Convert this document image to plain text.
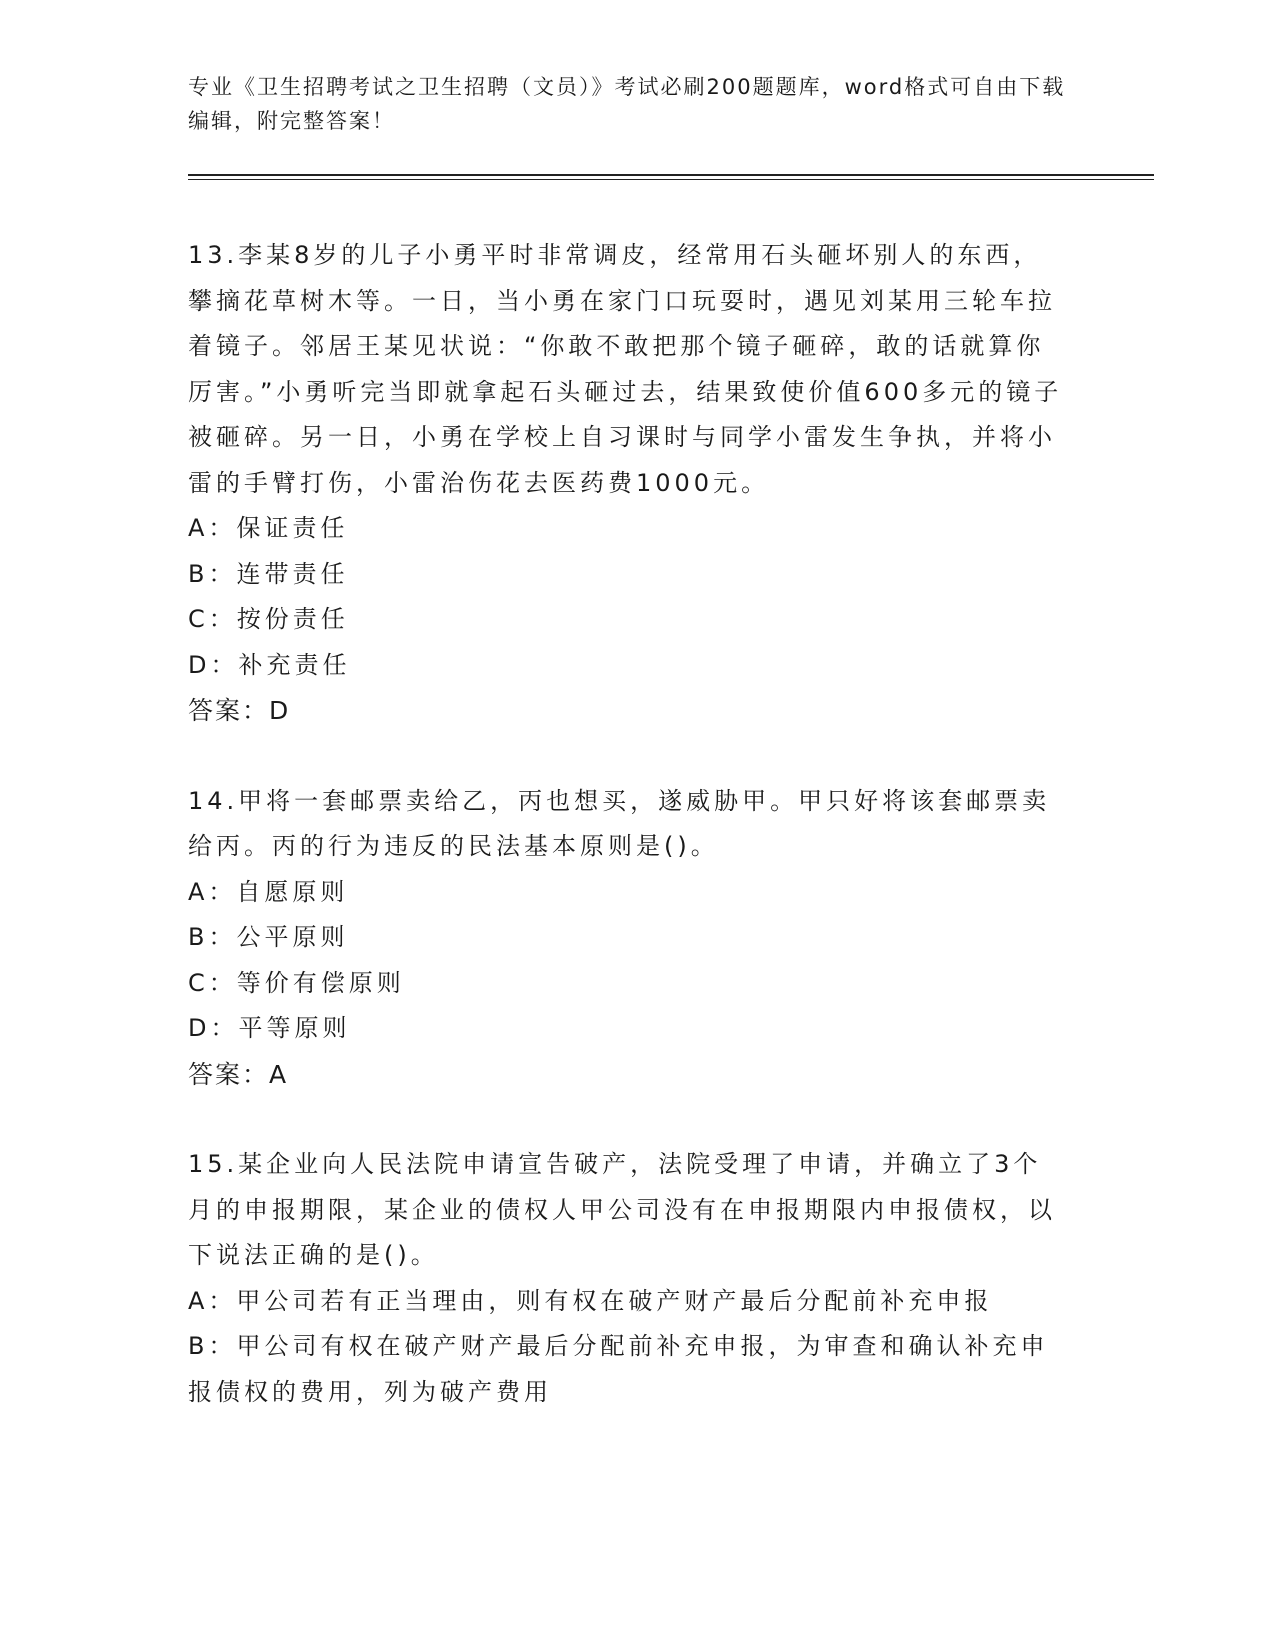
专业《卫生招聘考试之卫生招聘（文员）》考试必刷200题题库，word格式可自由下载编辑，附完整答案！

13.李某8岁的儿子小勇平时非常调皮，经常用石头砸坏别人的东西，攀摘花草树木等。一日，当小勇在家门口玩耍时，遇见刘某用三轮车拉着镜子。邻居王某见状说：“你敢不敢把那个镜子砸碎，敢的话就算你厉害。”小勇听完当即就拿起石头砸过去，结果致使价值600多元的镜子被砸碎。另一日，小勇在学校上自习课时与同学小雷发生争执，并将小雷的手臂打伤，小雷治伤花去医药费1000元。

A：保证责任

B：连带责任

C：按份责任

D：补充责任

答案：D

14.甲将一套邮票卖给乙，丙也想买，遂威胁甲。甲只好将该套邮票卖给丙。丙的行为违反的民法基本原则是()。

A：自愿原则

B：公平原则

C：等价有偿原则

D：平等原则

答案：A

15.某企业向人民法院申请宣告破产，法院受理了申请，并确立了3个月的申报期限，某企业的债权人甲公司没有在申报期限内申报债权，以下说法正确的是()。

A：甲公司若有正当理由，则有权在破产财产最后分配前补充申报

B：甲公司有权在破产财产最后分配前补充申报，为审查和确认补充申报债权的费用，列为破产费用
